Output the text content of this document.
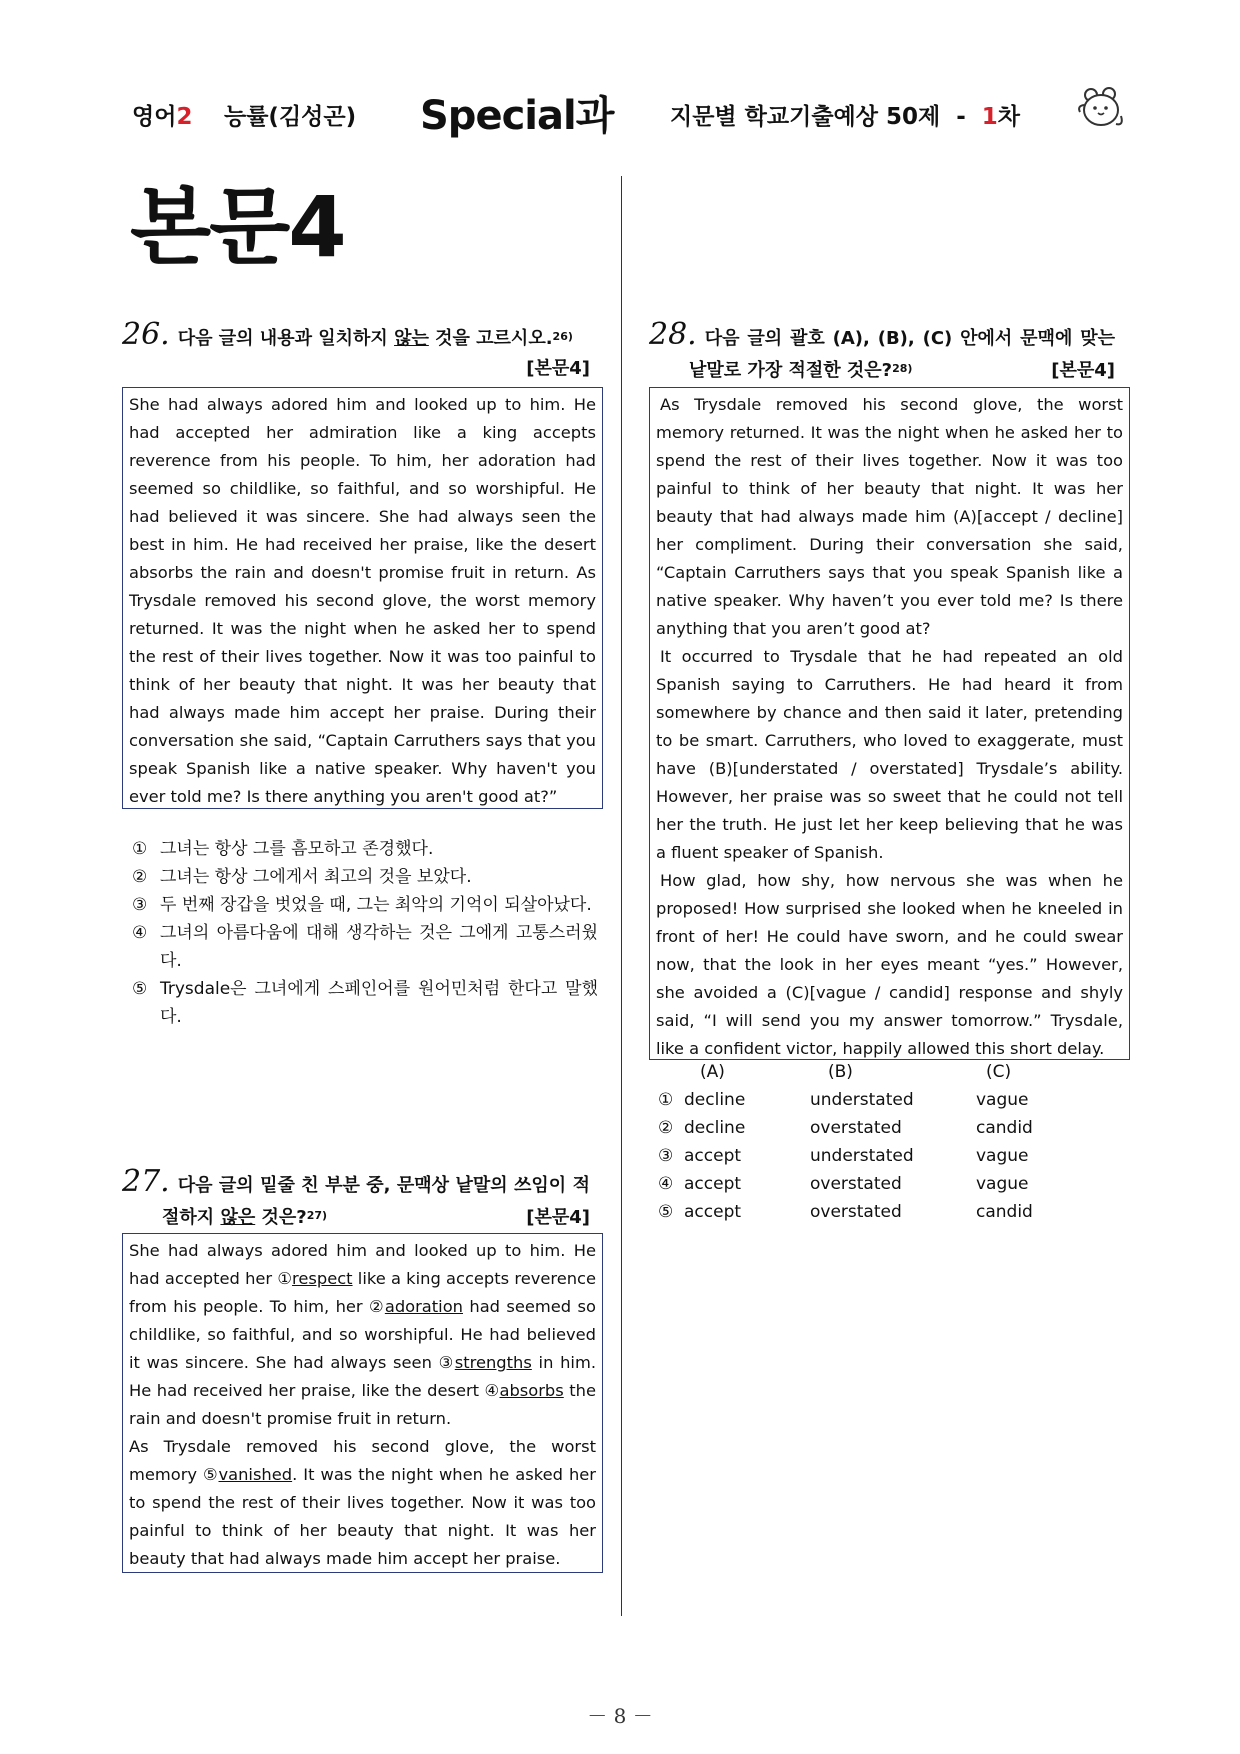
영어2 능률(김성곤) Special과 지문별 학교기출예상 50제 - 1차
본문4
26. 다음 글의 내용과 일치하지 않는 것을 고르시오.$^{26)}$
[본문4]

She had always adored him and looked up to him. He had accepted her admiration like a king accepts reverence from his people. To him, her adoration had seemed so childlike, so faithful, and so worshipful. He had believed it was sincere. She had always seen the best in him. He had received her praise, like the desert absorbs the rain and doesn't promise fruit in return. As Trysdale removed his second glove, the worst memory returned. It was the night when he asked her to spend the rest of their lives together. Now it was too painful to think of her beauty that night. It was her beauty that had always made him accept her praise. During their conversation she said, “Captain Carruthers says that you speak Spanish like a native speaker. Why haven't you ever told me? Is there anything you aren't good at?”

① 그녀는 항상 그를 흠모하고 존경했다.
② 그녀는 항상 그에게서 최고의 것을 보았다.
③ 두 번째 장갑을 벗었을 때, 그는 최악의 기억이 되살아났다.
④ 그녀의 아름다움에 대해 생각하는 것은 그에게 고통스러웠다.
⑤ Trysdale은 그녀에게 스페인어를 원어민처럼 한다고 말했다.
27. 다음 글의 밑줄 친 부분 중, 문맥상 낱말의 쓰임이 적절하지 않은 것은?$^{27)}$	[본문4]

She had always adored him and looked up to him. He had accepted her ①respect like a king accepts reverence from his people. To him, her ②adoration had seemed so childlike, so faithful, and so worshipful. He had believed it was sincere. She had always seen ③strengths in him. He had received her praise, like the desert ④absorbs the rain and doesn't promise fruit in return.

As Trysdale removed his second glove, the worst memory ⑤vanished. It was the night when he asked her to spend the rest of their lives together. Now it was too painful to think of her beauty that night. It was her beauty that had always made him accept her praise.

28. 다음 글의 괄호 (A), (B), (C) 안에서 문맥에 맞는 낱말로 가장 적절한 것은?$^{28)}$	[본문4]

As Trysdale removed his second glove, the worst memory returned. It was the night when he asked her to spend the rest of their lives together. Now it was too painful to think of her beauty that night. It was her beauty that had always made him (A)[accept / decline] her compliment. During their conversation she said, “Captain Carruthers says that you speak Spanish like a native speaker. Why haven’t you ever told me? Is there anything that you aren’t good at?

It occurred to Trysdale that he had repeated an old Spanish saying to Carruthers. He had heard it from somewhere by chance and then said it later, pretending to be smart. Carruthers, who loved to exaggerate, must have (B)[understated / overstated] Trysdale’s ability. However, her praise was so sweet that he could not tell her the truth. He just let her keep believing that he was a fluent speaker of Spanish.

How glad, how shy, how nervous she was when he proposed! How surprised she looked when he kneeled in front of her! He could have sworn, and he could swear now, that the look in her eyes meant “yes.” However, she avoided a (C)[vague / candid] response and shyly said, “I will send you my answer tomorrow.” Trysdale, like a confident victor, happily allowed this short delay.

(A)	(B)	(C)
① decline	understated	vague
② decline	overstated	candid
③ accept	understated	vague
④ accept	overstated	vague
⑤ accept	overstated	candid
－ 8 －
